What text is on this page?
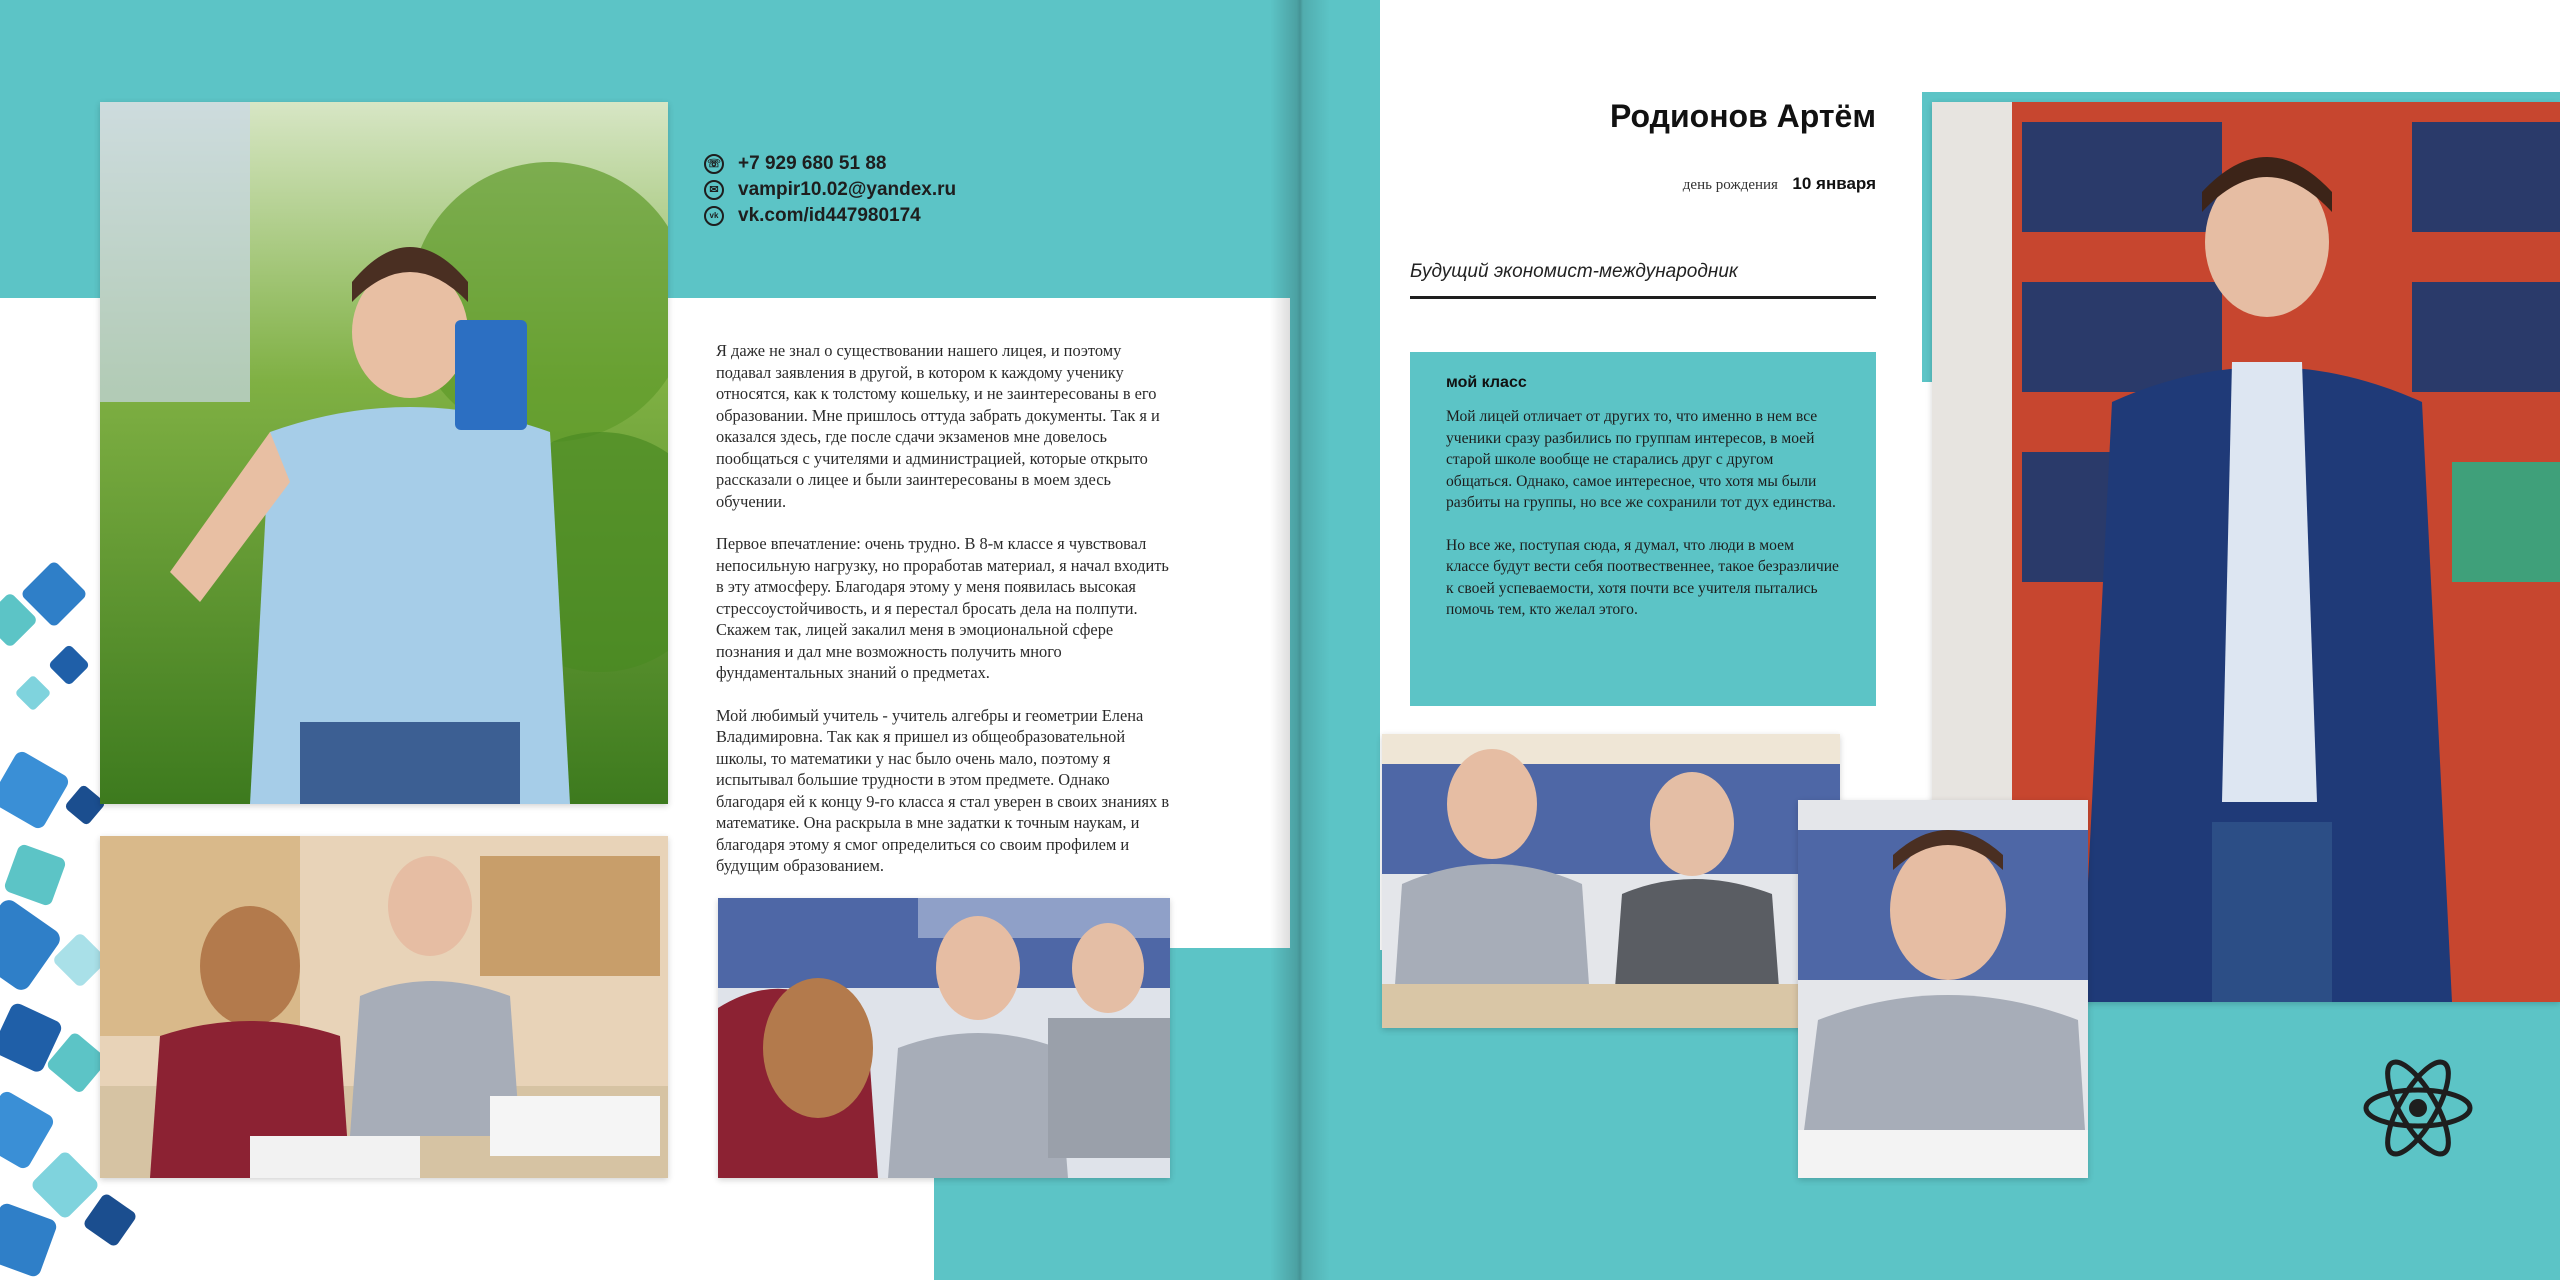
☏ +7 929 680 51 88
✉ vampir10.02@yandex.ru
vk vk.com/id447980174

Я даже не знал о существовании нашего лицея, и поэтому подавал заявления в другой, в котором к каждому ученику относятся, как к толстому кошельку, и не заинтересованы в его образовании. Мне пришлось оттуда забрать документы. Так я и оказался здесь, где после сдачи экзаменов мне довелось пообщаться с учителями и администрацией, которые открыто рассказали о лицее и были заинтересованы в моем здесь обучении.

Первое впечатление: очень трудно. В 8-м классе я чувствовал непосильную нагрузку, но проработав материал, я начал входить в эту атмосферу. Благодаря этому у меня появилась высокая стрессоустойчивость, и я перестал бросать дела на полпути. Скажем так, лицей закалил меня в эмоциональной сфере познания и дал мне возможность получить много фундаментальных знаний о предметах.

Мой любимый учитель - учитель алгебры и геометрии Елена Владимировна. Так как я пришел из общеобразовательной школы, то математики у нас было очень мало, поэтому я испытывал большие трудности в этом предмете. Однако благодаря ей к концу 9-го класса я стал уверен в своих знаниях в математике. Она раскрыла в мне задатки к точным наукам, и благодаря этому я смог определиться со своим профилем и будущим образованием.

Родионов Артём
день рождения 10 января
Будущий экономист-международник

мой класс

Мой лицей отличает от других то, что именно в нем все ученики сразу разбились по группам интересов, в моей старой школе вообще не старались друг с другом общаться. Однако, самое интересное, что хотя мы были разбиты на группы, но все же сохранили тот дух единства.

Но все же, поступая сюда, я думал, что люди в моем классе будут вести себя поотвественнее, такое безразличие к своей успеваемости, хотя почти все учителя пытались помочь тем, кто желал этого.
